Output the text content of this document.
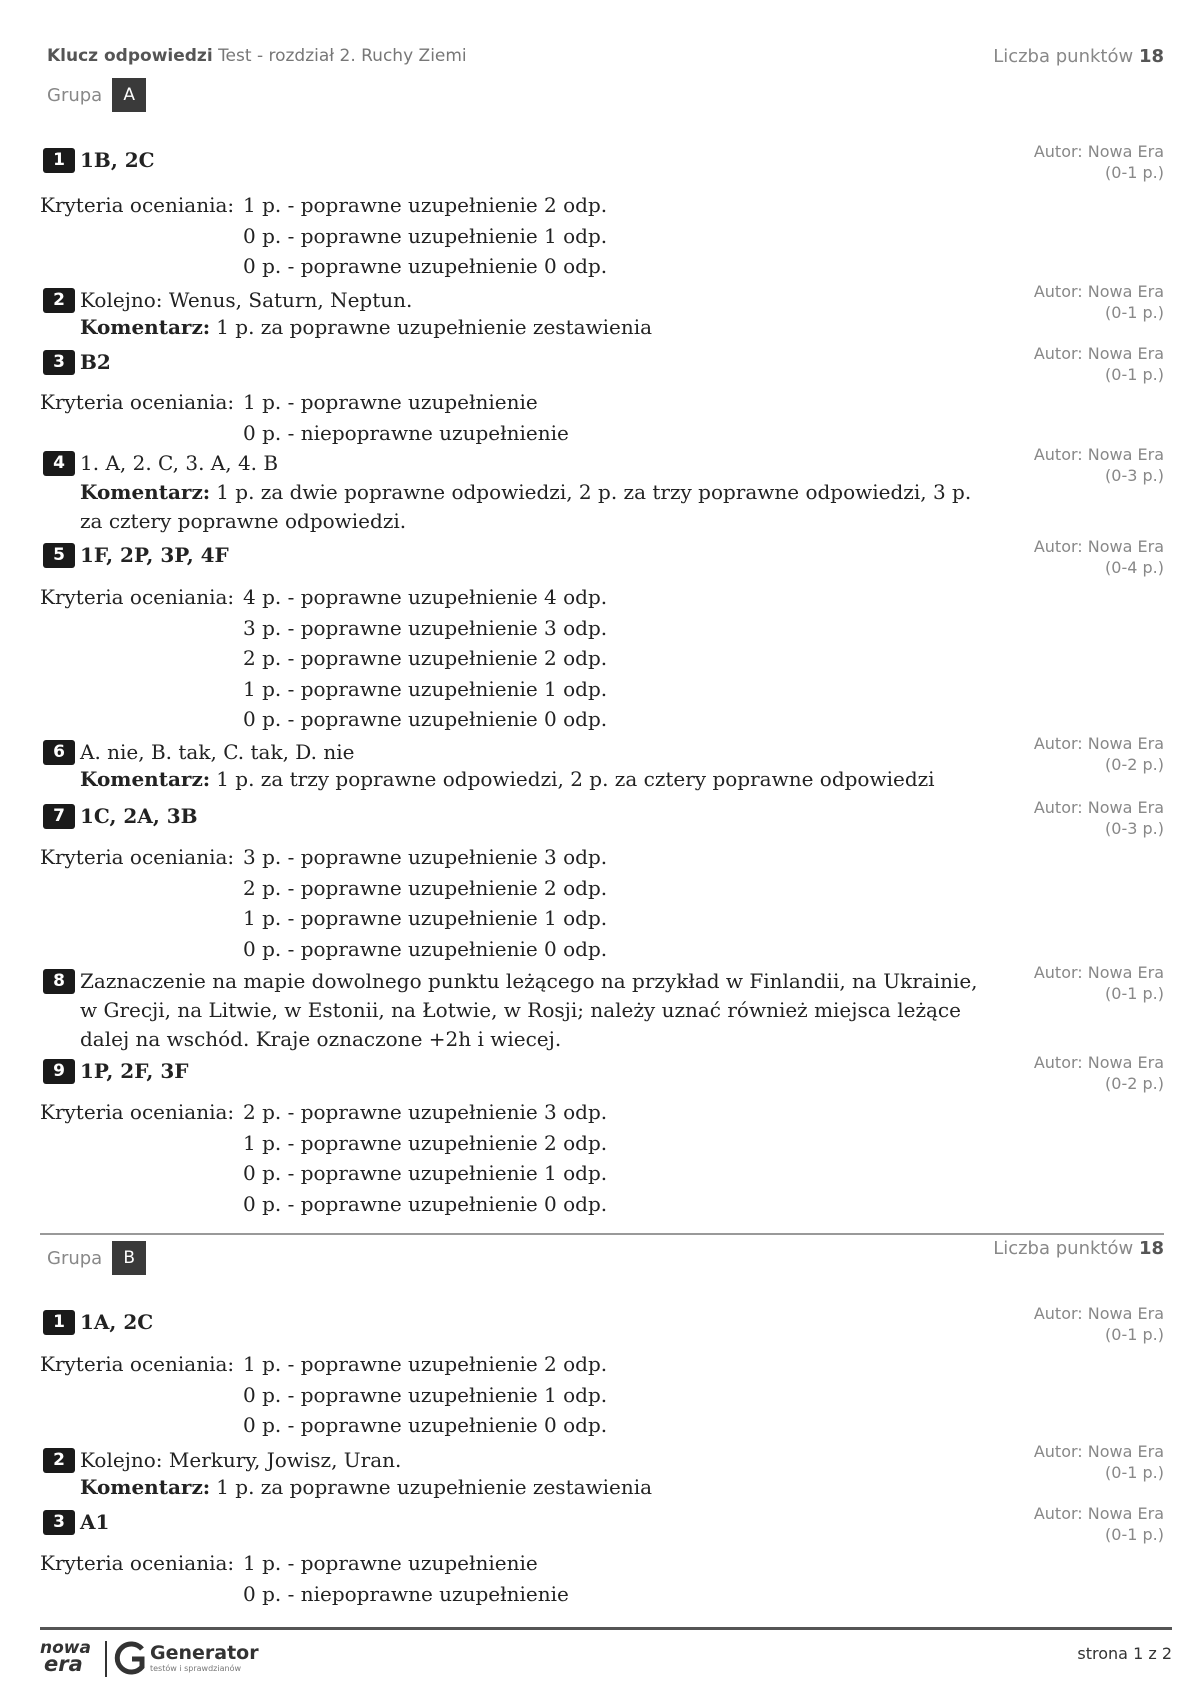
Klucz odpowiedzi Test - rozdział 2. Ruchy Ziemi	Liczba punktów 18
Grupa	A
1 1B, 2C	Autor: Nowa Era
(0-1 p.)
Kryteria oceniania: 1 p. - poprawne uzupełnienie 2 odp.
0 p. - poprawne uzupełnienie 1 odp.
0 p. - poprawne uzupełnienie 0 odp.
2 Kolejno: Wenus, Saturn, Neptun.	Autor: Nowa Era
(0-1 p.)
Komentarz: 1 p. za poprawne uzupełnienie zestawienia
3 B2	Autor: Nowa Era
(0-1 p.)
Kryteria oceniania: 1 p. - poprawne uzupełnienie
0 p. - niepoprawne uzupełnienie
4 1. A, 2. C, 3. A, 4. B	Autor: Nowa Era
(0-3 p.)
Komentarz: 1 p. za dwie poprawne odpowiedzi, 2 p. za trzy poprawne odpowiedzi, 3 p. za cztery poprawne odpowiedzi.
5 1F, 2P, 3P, 4F	Autor: Nowa Era
(0-4 p.)
Kryteria oceniania: 4 p. - poprawne uzupełnienie 4 odp.
3 p. - poprawne uzupełnienie 3 odp.
2 p. - poprawne uzupełnienie 2 odp.
1 p. - poprawne uzupełnienie 1 odp.
0 p. - poprawne uzupełnienie 0 odp.
6 A. nie, B. tak, C. tak, D. nie	Autor: Nowa Era
(0-2 p.)
Komentarz: 1 p. za trzy poprawne odpowiedzi, 2 p. za cztery poprawne odpowiedzi
7 1C, 2A, 3B	Autor: Nowa Era
(0-3 p.)
Kryteria oceniania: 3 p. - poprawne uzupełnienie 3 odp.
2 p. - poprawne uzupełnienie 2 odp.
1 p. - poprawne uzupełnienie 1 odp.
0 p. - poprawne uzupełnienie 0 odp.
8 Zaznaczenie na mapie dowolnego punktu leżącego na przykład w Finlandii, na Ukrainie, w Grecji, na Litwie, w Estonii, na Łotwie, w Rosji; należy uznać również miejsca leżące dalej na wschód. Kraje oznaczone +2h i wiecej.
Autor: Nowa Era
(0-1 p.)
9 1P, 2F, 3F	Autor: Nowa Era
(0-2 p.)
Kryteria oceniania: 2 p. - poprawne uzupełnienie 3 odp.
1 p. - poprawne uzupełnienie 2 odp.
0 p. - poprawne uzupełnienie 1 odp.
0 p. - poprawne uzupełnienie 0 odp.
Grupa	B	Liczba punktów 18
1 1A, 2C	Autor: Nowa Era
(0-1 p.)
Kryteria oceniania: 1 p. - poprawne uzupełnienie 2 odp.
0 p. - poprawne uzupełnienie 1 odp.
0 p. - poprawne uzupełnienie 0 odp.
2 Kolejno: Merkury, Jowisz, Uran.	Autor: Nowa Era
(0-1 p.)
Komentarz: 1 p. za poprawne uzupełnienie zestawienia
3 A1	Autor: Nowa Era
(0-1 p.)
Kryteria oceniania: 1 p. - poprawne uzupełnienie
0 p. - niepoprawne uzupełnienie
nowa
era	Generator
testów i sprawdzianów
strona 1 z 2
